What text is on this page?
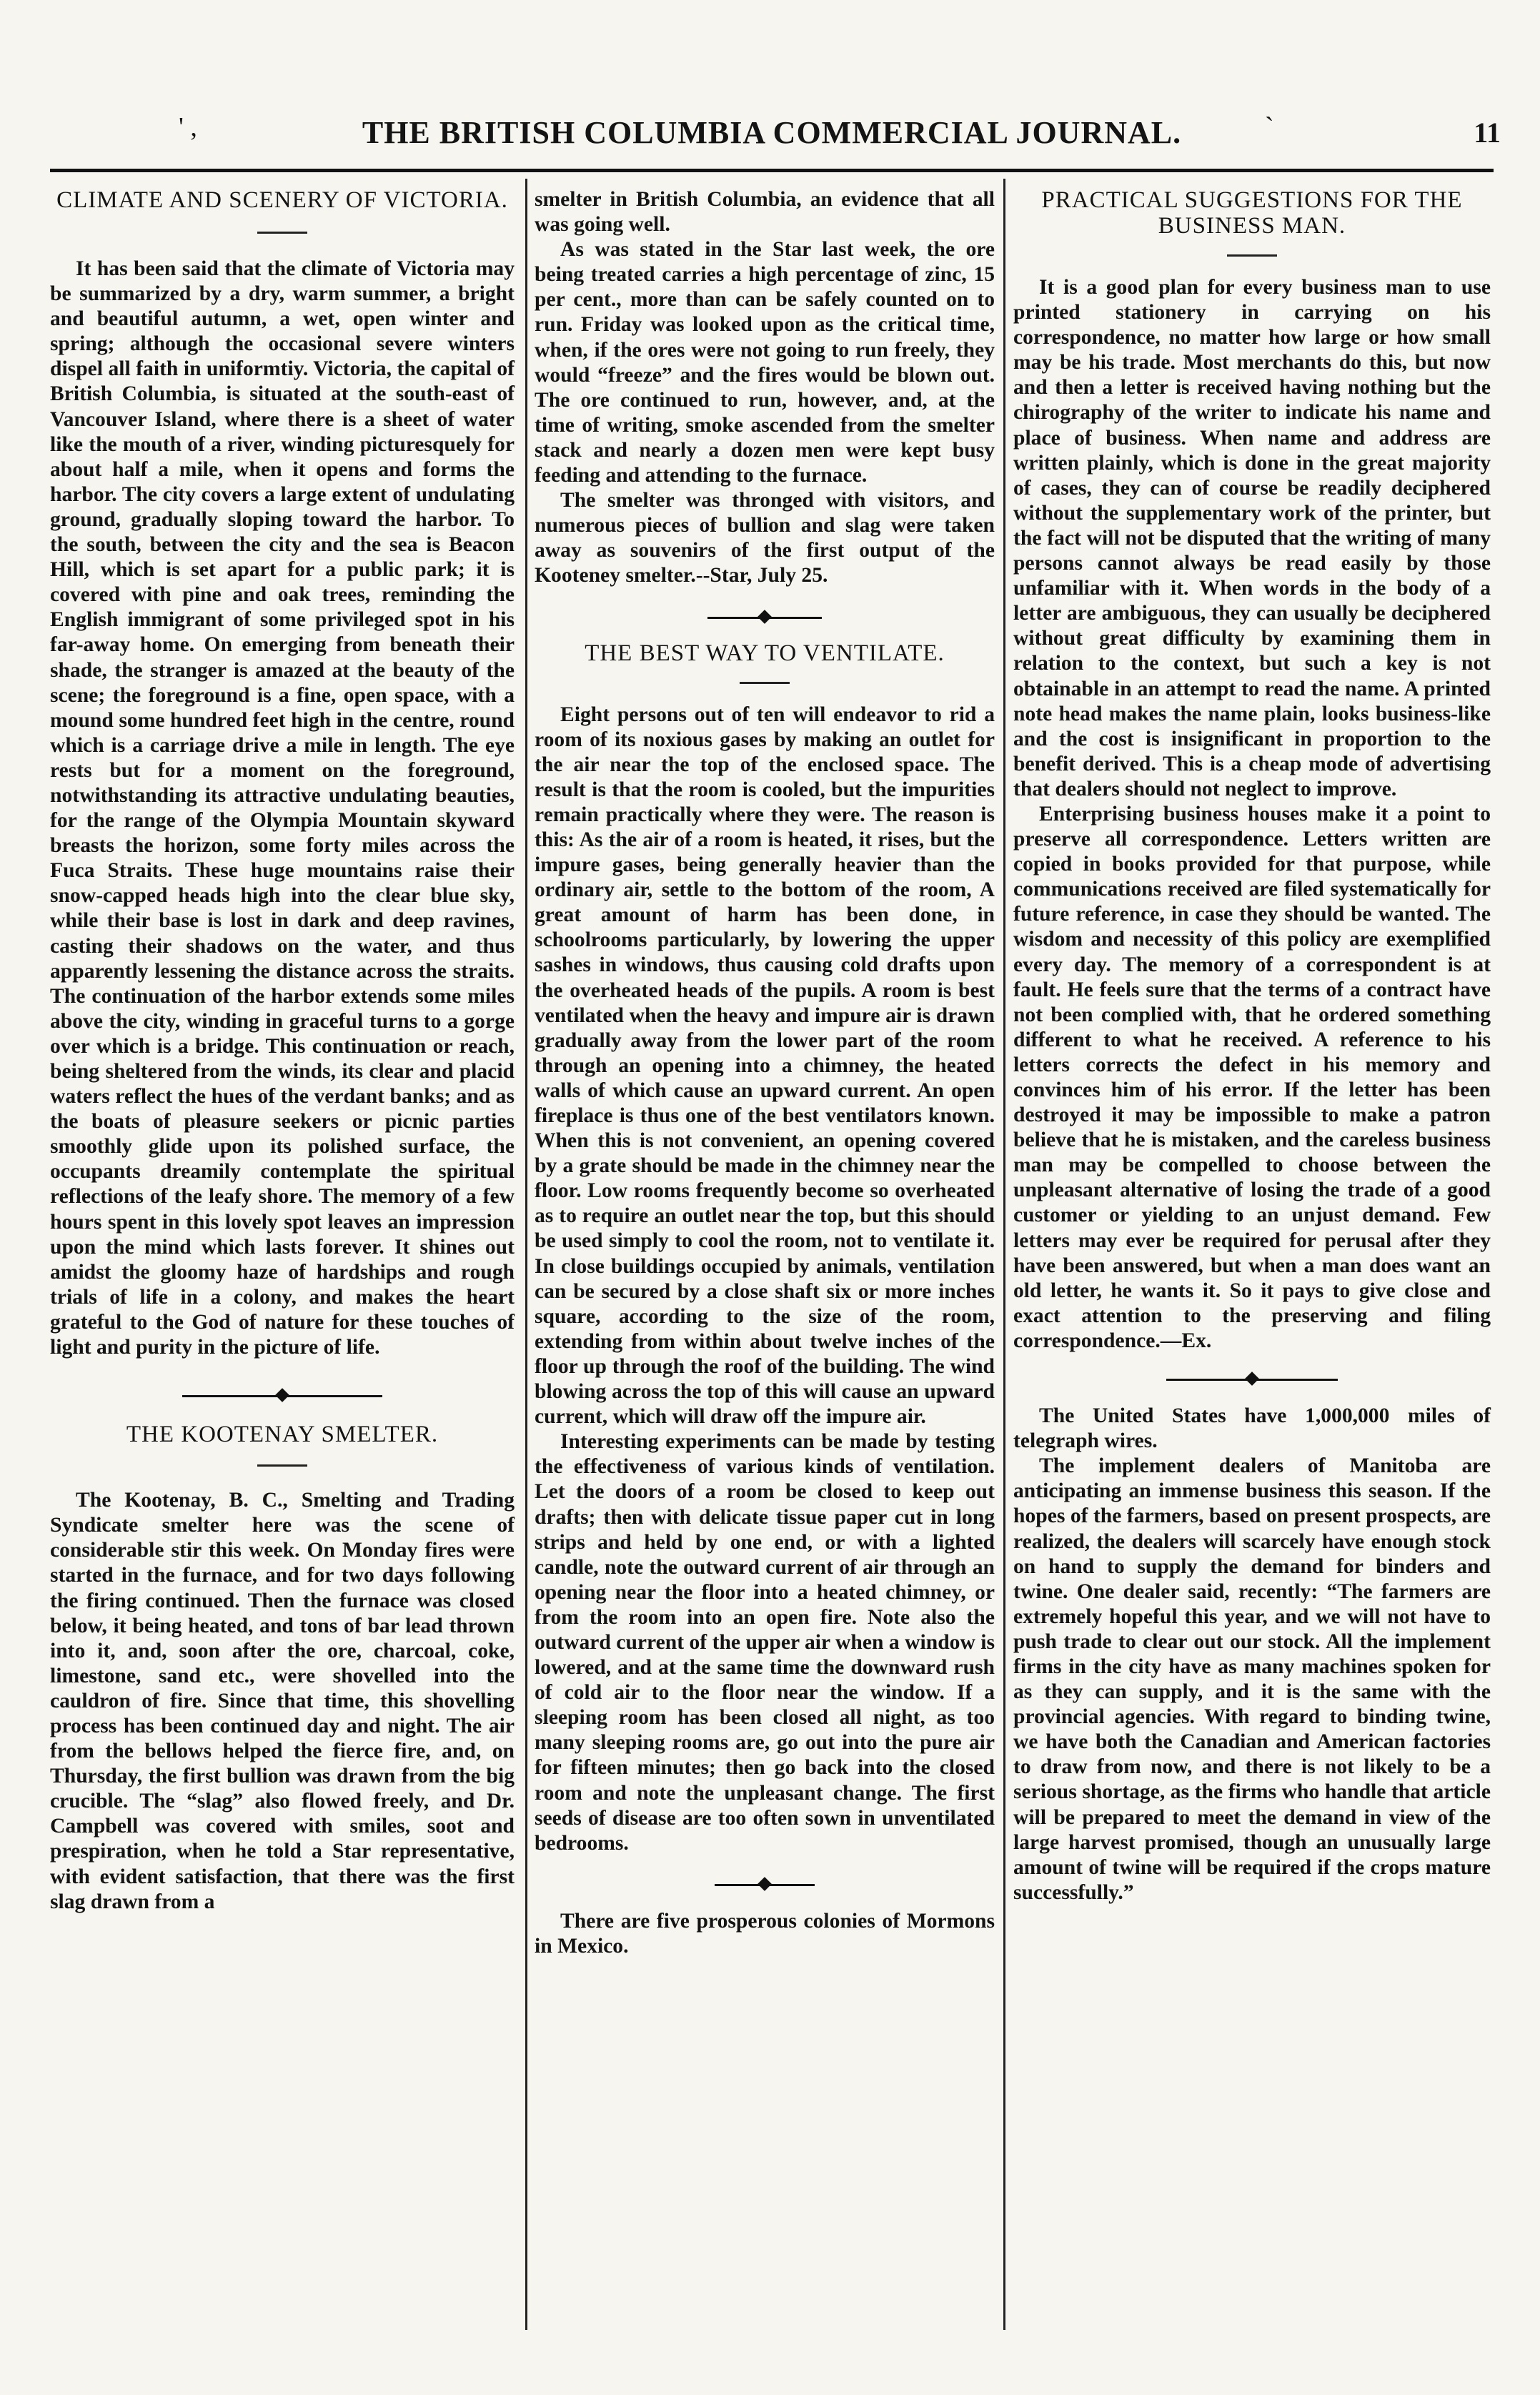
' ,	THE BRITISH COLUMBIA COMMERCIAL JOURNAL.	`	11
CLIMATE AND SCENERY OF VICTORIA.

It has been said that the climate of Victoria may be summarized by a dry, warm summer, a bright and beautiful autumn, a wet, open winter and spring; although the occasional severe winters dispel all faith in uniformtiy. Victoria, the capital of British Columbia, is situated at the south-east of Vancouver Island, where there is a sheet of water like the mouth of a river, winding picturesquely for about half a mile, when it opens and forms the harbor. The city covers a large extent of undulating ground, gradually sloping toward the harbor. To the south, between the city and the sea is Beacon Hill, which is set apart for a public park; it is covered with pine and oak trees, reminding the English immigrant of some privileged spot in his far-away home. On emerging from beneath their shade, the stranger is amazed at the beauty of the scene; the foreground is a fine, open space, with a mound some hundred feet high in the centre, round which is a carriage drive a mile in length. The eye rests but for a moment on the foreground, notwithstanding its attractive undulating beauties, for the range of the Olympia Mountain skyward breasts the horizon, some forty miles across the Fuca Straits. These huge mountains raise their snow-capped heads high into the clear blue sky, while their base is lost in dark and deep ravines, casting their shadows on the water, and thus apparently lessening the distance across the straits. The continuation of the harbor extends some miles above the city, winding in graceful turns to a gorge over which is a bridge. This continuation or reach, being sheltered from the winds, its clear and placid waters reflect the hues of the verdant banks; and as the boats of pleasure seekers or picnic parties smoothly glide upon its polished surface, the occupants dreamily contemplate the spiritual reflections of the leafy shore. The memory of a few hours spent in this lovely spot leaves an impression upon the mind which lasts forever. It shines out amidst the gloomy haze of hardships and rough trials of life in a colony, and makes the heart grateful to the God of nature for these touches of light and purity in the picture of life.

THE KOOTENAY SMELTER.

The Kootenay, B. C., Smelting and Trading Syndicate smelter here was the scene of considerable stir this week. On Monday fires were started in the furnace, and for two days following the firing continued. Then the furnace was closed below, it being heated, and tons of bar lead thrown into it, and, soon after the ore, charcoal, coke, limestone, sand etc., were shovelled into the cauldron of fire. Since that time, this shovelling process has been continued day and night. The air from the bellows helped the fierce fire, and, on Thursday, the first bullion was drawn from the big crucible. The “slag” also flowed freely, and Dr. Campbell was covered with smiles, soot and prespiration, when he told a Star representative, with evident satisfaction, that there was the first slag drawn from a

smelter in British Columbia, an evidence that all was going well.

As was stated in the Star last week, the ore being treated carries a high percentage of zinc, 15 per cent., more than can be safely counted on to run. Friday was looked upon as the critical time, when, if the ores were not going to run freely, they would “freeze” and the fires would be blown out. The ore continued to run, however, and, at the time of writing, smoke ascended from the smelter stack and nearly a dozen men were kept busy feeding and attending to the furnace.

The smelter was thronged with visitors, and numerous pieces of bullion and slag were taken away as souvenirs of the first output of the Kooteney smelter.--Star, July 25.

THE BEST WAY TO VENTILATE.

Eight persons out of ten will endeavor to rid a room of its noxious gases by making an outlet for the air near the top of the enclosed space. The result is that the room is cooled, but the impurities remain practically where they were. The reason is this: As the air of a room is heated, it rises, but the impure gases, being generally heavier than the ordinary air, settle to the bottom of the room, A great amount of harm has been done, in schoolrooms particularly, by lowering the upper sashes in windows, thus causing cold drafts upon the overheated heads of the pupils. A room is best ventilated when the heavy and impure air is drawn gradually away from the lower part of the room through an opening into a chimney, the heated walls of which cause an upward current. An open fireplace is thus one of the best ventilators known. When this is not convenient, an opening covered by a grate should be made in the chimney near the floor. Low rooms frequently become so overheated as to require an outlet near the top, but this should be used simply to cool the room, not to ventilate it. In close buildings occupied by animals, ventilation can be secured by a close shaft six or more inches square, according to the size of the room, extending from within about twelve inches of the floor up through the roof of the building. The wind blowing across the top of this will cause an upward current, which will draw off the impure air.

Interesting experiments can be made by testing the effectiveness of various kinds of ventilation. Let the doors of a room be closed to keep out drafts; then with delicate tissue paper cut in long strips and held by one end, or with a lighted candle, note the outward current of air through an opening near the floor into a heated chimney, or from the room into an open fire. Note also the outward current of the upper air when a window is lowered, and at the same time the downward rush of cold air to the floor near the window. If a sleeping room has been closed all night, as too many sleeping rooms are, go out into the pure air for fifteen minutes; then go back into the closed room and note the unpleasant change. The first seeds of disease are too often sown in unventilated bedrooms.

There are five prosperous colonies of Mormons in Mexico.

PRACTICAL SUGGESTIONS FOR THE BUSINESS MAN.

It is a good plan for every business man to use printed stationery in carrying on his correspondence, no matter how large or how small may be his trade. Most merchants do this, but now and then a letter is received having nothing but the chirography of the writer to indicate his name and place of business. When name and address are written plainly, which is done in the great majority of cases, they can of course be readily deciphered without the supplementary work of the printer, but the fact will not be disputed that the writing of many persons cannot always be read easily by those unfamiliar with it. When words in the body of a letter are ambiguous, they can usually be deciphered without great difficulty by examining them in relation to the context, but such a key is not obtainable in an attempt to read the name. A printed note head makes the name plain, looks business-like and the cost is insignificant in proportion to the benefit derived. This is a cheap mode of advertising that dealers should not neglect to improve.

Enterprising business houses make it a point to preserve all correspondence. Letters written are copied in books provided for that purpose, while communications received are filed systematically for future reference, in case they should be wanted. The wisdom and necessity of this policy are exemplified every day. The memory of a correspondent is at fault. He feels sure that the terms of a contract have not been complied with, that he ordered something different to what he received. A reference to his letters corrects the defect in his memory and convinces him of his error. If the letter has been destroyed it may be impossible to make a patron believe that he is mistaken, and the careless business man may be compelled to choose between the unpleasant alternative of losing the trade of a good customer or yielding to an unjust demand. Few letters may ever be required for perusal after they have been answered, but when a man does want an old letter, he wants it. So it pays to give close and exact attention to the preserving and filing correspondence.—Ex.

The United States have 1,000,000 miles of telegraph wires.

The implement dealers of Manitoba are anticipating an immense business this season. If the hopes of the farmers, based on present prospects, are realized, the dealers will scarcely have enough stock on hand to supply the demand for binders and twine. One dealer said, recently: “The farmers are extremely hopeful this year, and we will not have to push trade to clear out our stock. All the implement firms in the city have as many machines spoken for as they can supply, and it is the same with the provincial agencies. With regard to binding twine, we have both the Canadian and American factories to draw from now, and there is not likely to be a serious shortage, as the firms who handle that article will be prepared to meet the demand in view of the large harvest promised, though an unusually large amount of twine will be required if the crops mature successfully.”
